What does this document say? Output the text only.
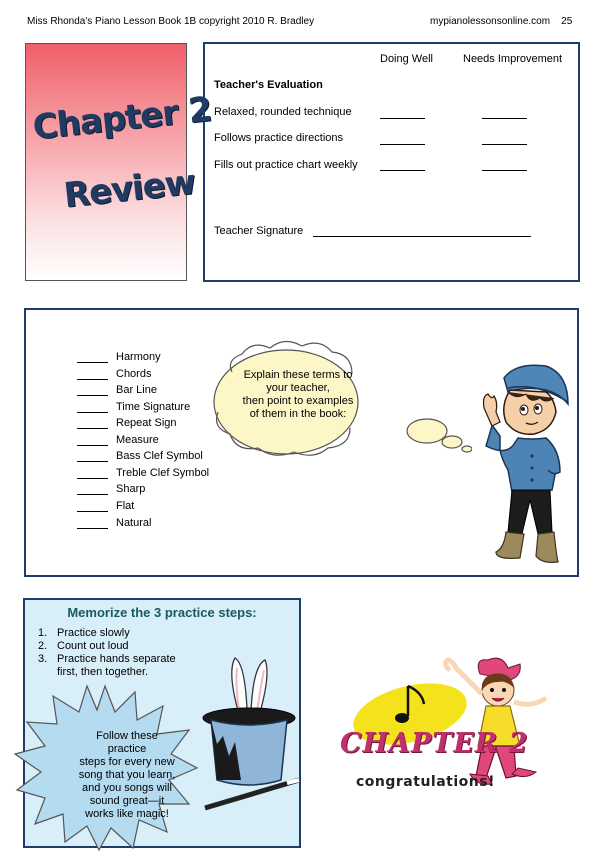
Miss Rhonda's Piano Lesson Book 1B copyright 2010 R. Bradley	mypianolessonsonline.com    25
Chapter 2
Review
Doing Well	Needs Improvement
Teacher's Evaluation
Relaxed, rounded technique
Follows practice directions
Fills out practice chart weekly
Teacher Signature
Harmony
Chords
Bar Line
Time Signature
Repeat Sign
Measure
Bass Clef Symbol
Treble Clef Symbol
Sharp
Flat
Natural
Explain these terms to
your teacher,
then point to examples
of them in the book:
Memorize the 3 practice steps:
1. Practice slowly
2. Count out loud
3. Practice hands separate
first, then together.
Follow these practice
steps for every new
song that you learn,
and you songs will
sound great—it
works like magic!
CHAPTER 2
congratulations!
